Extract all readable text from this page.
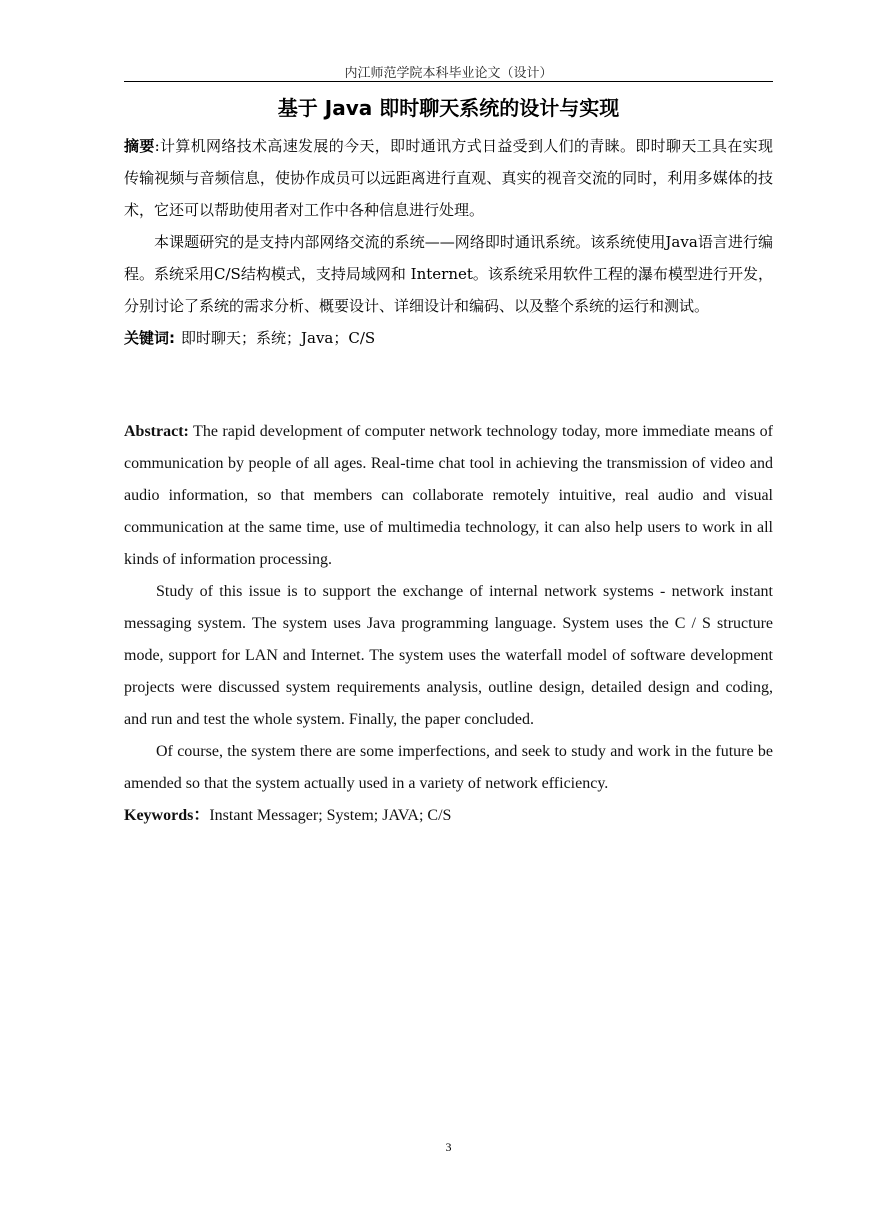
内江师范学院本科毕业论文（设计）
基于 Java 即时聊天系统的设计与实现

摘要:计算机网络技术高速发展的今天，即时通讯方式日益受到人们的青睐。即时聊天工具在实现传输视频与音频信息，使协作成员可以远距离进行直观、真实的视音交流的同时，利用多媒体的技术，它还可以帮助使用者对工作中各种信息进行处理。

本课题研究的是支持内部网络交流的系统——网络即时通讯系统。该系统使用Java语言进行编程。系统采用C/S结构模式，支持局域网和 Internet。该系统采用软件工程的瀑布模型进行开发，分别讨论了系统的需求分析、概要设计、详细设计和编码、以及整个系统的运行和测试。

关键词: 即时聊天；系统；Java；C/S

Abstract: The rapid development of computer network technology today, more immediate means of communication by people of all ages. Real-time chat tool in achieving the transmission of video and audio information, so that members can collaborate remotely intuitive, real audio and visual communication at the same time, use of multimedia technology, it can also help users to work in all kinds of information processing.

Study of this issue is to support the exchange of internal network systems - network instant messaging system. The system uses Java programming language. System uses the C / S structure mode, support for LAN and Internet. The system uses the waterfall model of software development projects were discussed system requirements analysis, outline design, detailed design and coding, and run and test the whole system. Finally, the paper concluded.

Of course, the system there are some imperfections, and seek to study and work in the future be amended so that the system actually used in a variety of network efficiency.

Keywords：Instant Messager; System; JAVA; C/S

3
